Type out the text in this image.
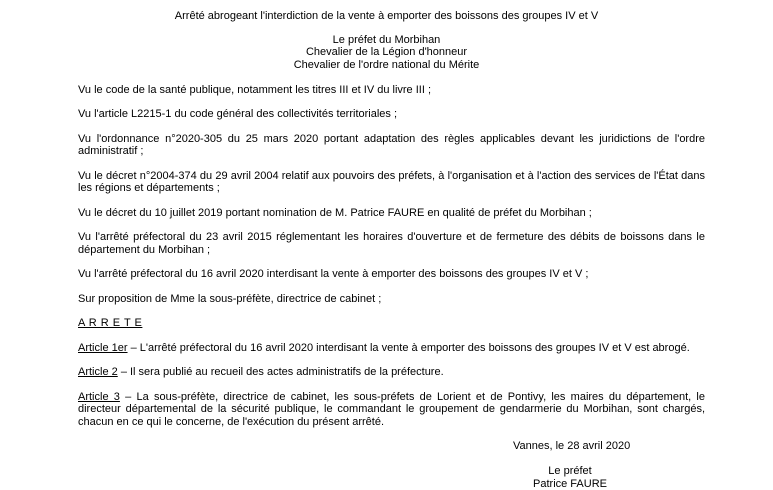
Arrêté abrogeant l'interdiction de la vente à emporter des boissons des groupes IV et V
Le préfet du Morbihan
Chevalier de la Légion d'honneur
Chevalier de l'ordre national du Mérite

Vu le code de la santé publique, notamment les titres III et IV du livre III ;

Vu l'article L2215-1 du code général des collectivités territoriales ;

Vu l'ordonnance n°2020-305 du 25 mars 2020 portant adaptation des règles applicables devant les juridictions de l'ordre administratif ;

Vu le décret n°2004-374 du 29 avril 2004 relatif aux pouvoirs des préfets, à l'organisation et à l'action des services de l'État dans les régions et départements ;

Vu le décret du 10 juillet 2019 portant nomination de M. Patrice FAURE en qualité de préfet du Morbihan ;

Vu l'arrêté préfectoral du 23 avril 2015 réglementant les horaires d'ouverture et de fermeture des débits de boissons dans le département du Morbihan ;

Vu l'arrêté préfectoral du 16 avril 2020 interdisant la vente à emporter des boissons des groupes IV et V ;

Sur proposition de Mme la sous-préfète, directrice de cabinet ;

A R R E T E

Article 1er – L'arrêté préfectoral du 16 avril 2020 interdisant la vente à emporter des boissons des groupes IV et V est abrogé.

Article 2 – Il sera publié au recueil des actes administratifs de la préfecture.

Article 3 – La sous-préfète, directrice de cabinet, les sous-préfets de Lorient et de Pontivy, les maires du département, le directeur départemental de la sécurité publique, le commandant le groupement de gendarmerie du Morbihan, sont chargés, chacun en ce qui le concerne, de l'exécution du présent arrêté.

Vannes, le 28 avril 2020
Le préfet
Patrice FAURE
